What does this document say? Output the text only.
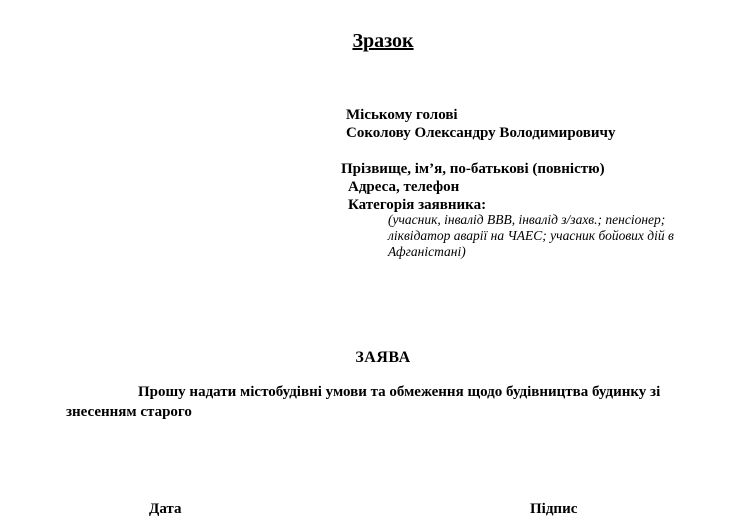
Зразок
Міському голові
Соколову Олександру Володимировичу
Прізвище, ім’я, по-батькові (повністю)
Адреса, телефон
Категорія заявника:
(учасник, інвалід ВВВ, інвалід з/захв.; пенсіонер;
ліквідатор аварії на ЧАЕС; учасник бойових дій в
Афганістані)
ЗАЯВА
Прошу надати містобудівні умови та обмеження щодо будівництва будинку зі
знесенням старого
Дата	Підпис
